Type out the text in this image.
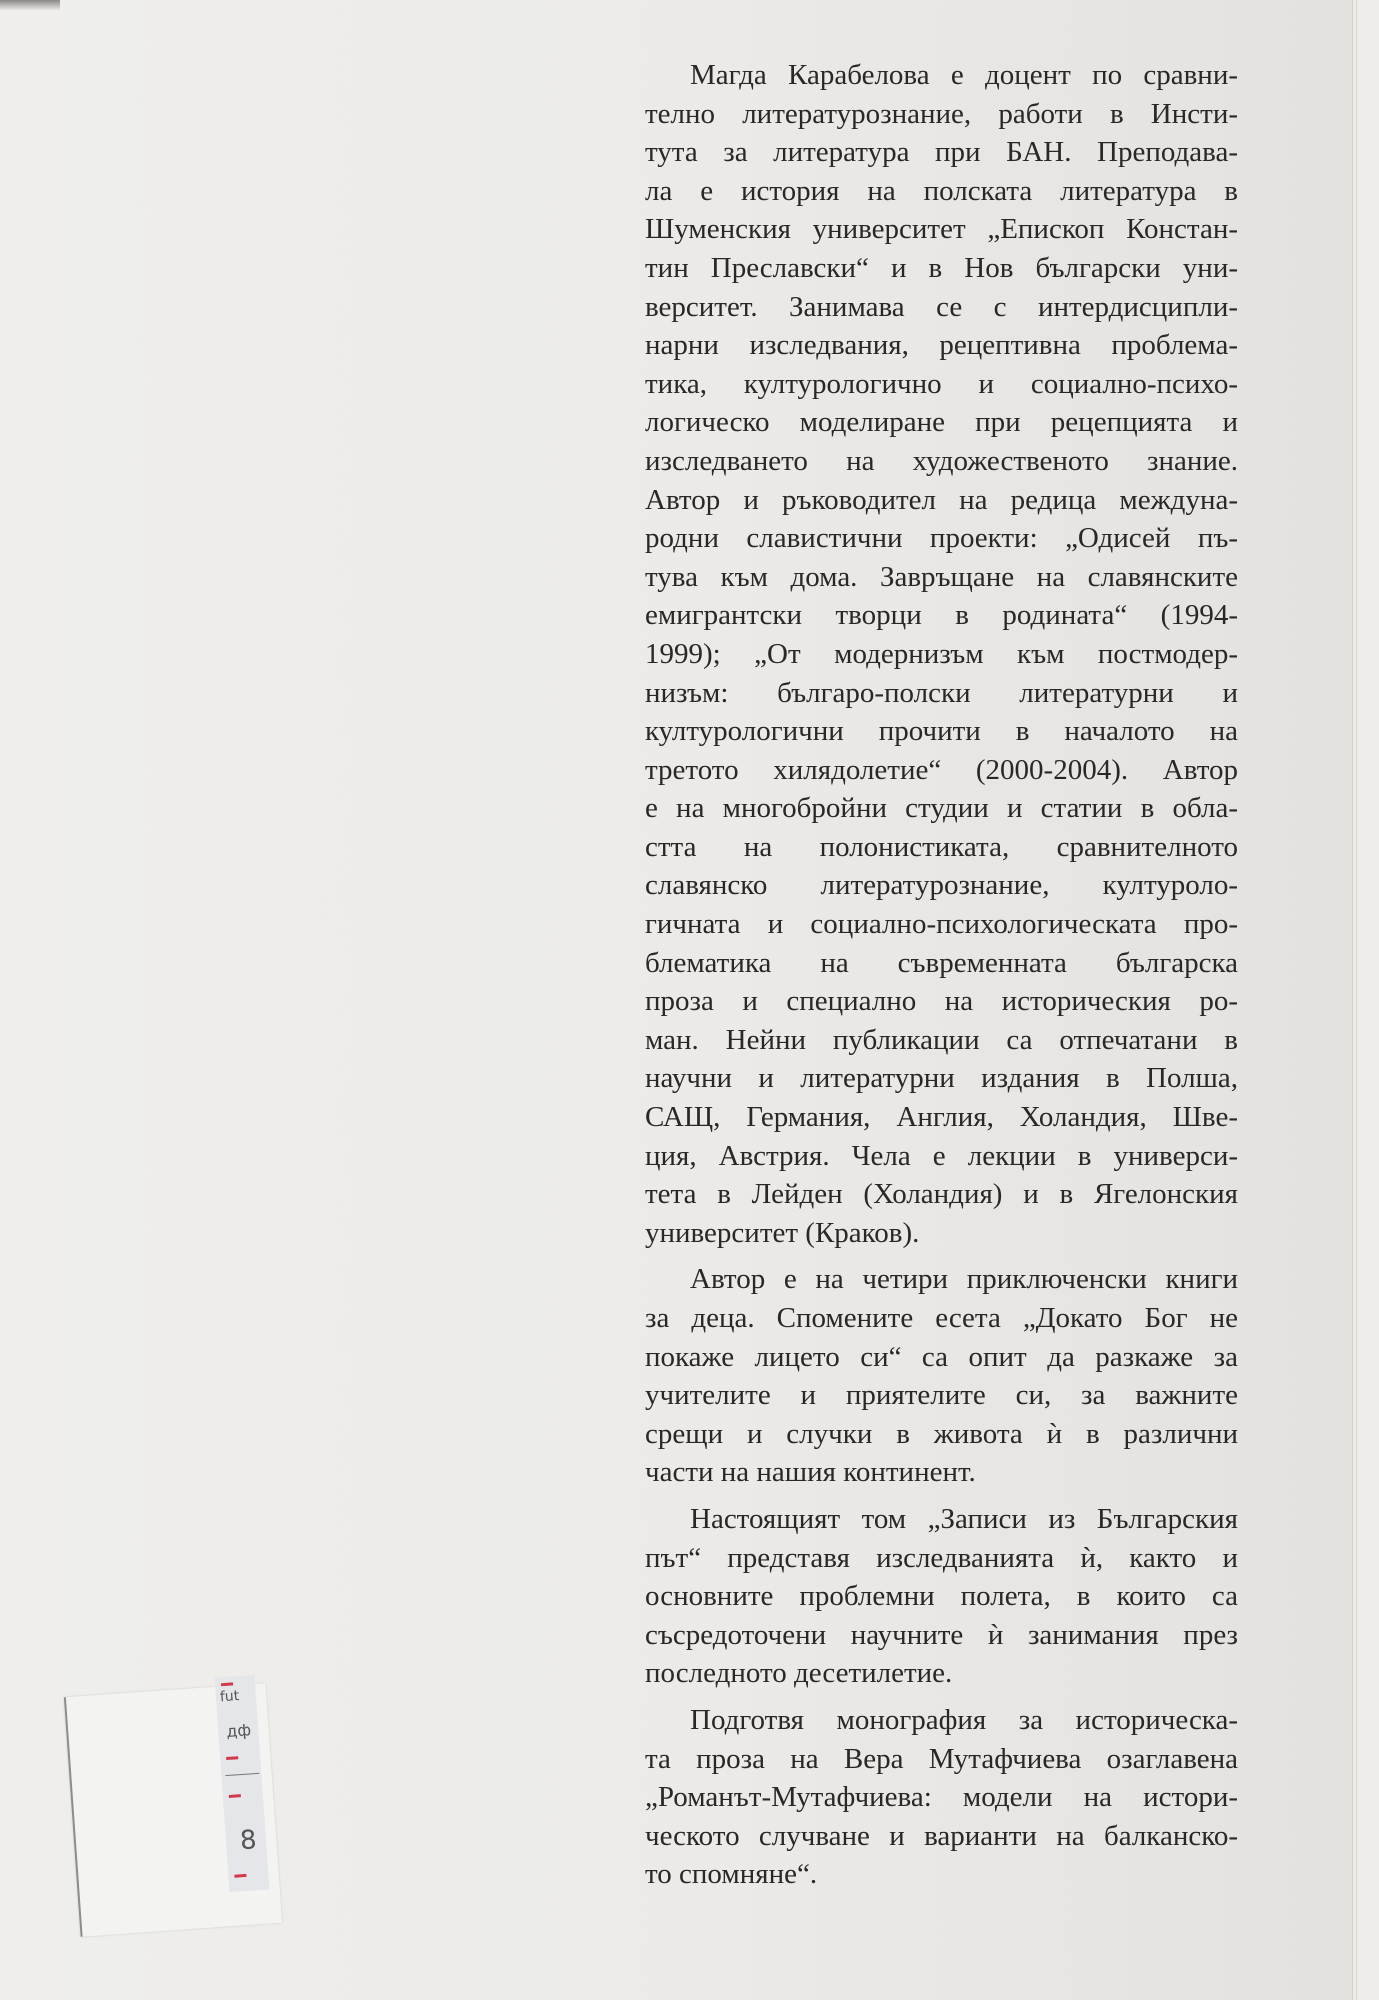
Магда Карабелова е доцент по сравни-
телно литературознание, работи в Инсти-
тута за литература при БАН. Преподава-
ла е история на полската литература в
Шуменския университет „Епископ Констан-
тин Преславски“ и в Нов български уни-
верситет. Занимава се с интердисципли-
нарни изследвания, рецептивна проблема-
тика, културологично и социално-психо-
логическо моделиране при рецепцията и
изследването на художественото знание.
Автор и ръководител на редица междуна-
родни славистични проекти: „Одисей пъ-
тува към дома. Завръщане на славянските
емигрантски творци в родината“ (1994-
1999); „От модернизъм към постмодер-
низъм: българо-полски литературни и
културологични прочити в началото на
третото хилядолетие“ (2000-2004). Автор
е на многобройни студии и статии в обла-
стта на полонистиката, сравнителното
славянско литературознание, културоло-
гичната и социално-психологическата про-
блематика на съвременната българска
проза и специално на историческия ро-
ман. Нейни публикации са отпечатани в
научни и литературни издания в Полша,
САЩ, Германия, Англия, Холандия, Шве-
ция, Австрия. Чела е лекции в универси-
тета в Лейден (Холандия) и в Ягелонския
университет (Краков).
Автор е на четири приключенски книги
за деца. Спомените есета „Докато Бог не
покаже лицето си“ са опит да разкаже за
учителите и приятелите си, за важните
срещи и случки в живота ѝ в различни
части на нашия континент.
Настоящият том „Записи из Българския
път“ представя изследванията ѝ, както и
основните проблемни полета, в които са
съсредоточени научните ѝ занимания през
последното десетилетие.
Подготвя монография за историческа-
та проза на Вера Мутафчиева озаглавена
„Романът-Мутафчиева: модели на истори-
ческото случване и варианти на балканско-
то спомняне“.
fut
дф
8
